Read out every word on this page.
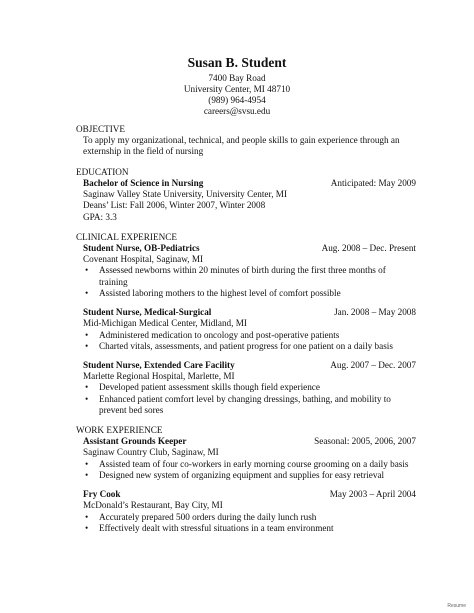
Susan B. Student
7400 Bay Road
University Center, MI 48710
(989) 964-4954
careers@svsu.edu
OBJECTIVE
To apply my organizational, technical, and people skills to gain experience through an externship in the field of nursing
EDUCATION
Bachelor of Science in Nursing	Anticipated: May 2009
Saginaw Valley State University, University Center, MI
Deans’ List: Fall 2006, Winter 2007, Winter 2008
GPA: 3.3
CLINICAL EXPERIENCE
Student Nurse, OB-Pediatrics	Aug. 2008 – Dec. Present
Covenant Hospital, Saginaw, MI
• Assessed newborns within 20 minutes of birth during the first three months of training
• Assisted laboring mothers to the highest level of comfort possible
Student Nurse, Medical-Surgical	Jan. 2008 – May 2008
Mid-Michigan Medical Center, Midland, MI
• Administered medication to oncology and post-operative patients
• Charted vitals, assessments, and patient progress for one patient on a daily basis
Student Nurse, Extended Care Facility	Aug. 2007 – Dec. 2007
Marlette Regional Hospital, Marlette, MI
• Developed patient assessment skills though field experience
• Enhanced patient comfort level by changing dressings, bathing, and mobility to prevent bed sores
WORK EXPERIENCE
Assistant Grounds Keeper	Seasonal: 2005, 2006, 2007
Saginaw Country Club, Saginaw, MI
• Assisted team of four co-workers in early morning course grooming on a daily basis
• Designed new system of organizing equipment and supplies for easy retrieval
Fry Cook	May 2003 – April 2004
McDonald’s Restaurant, Bay City, MI
• Accurately prepared 500 orders during the daily lunch rush
• Effectively dealt with stressful situations in a team environment
Resume
